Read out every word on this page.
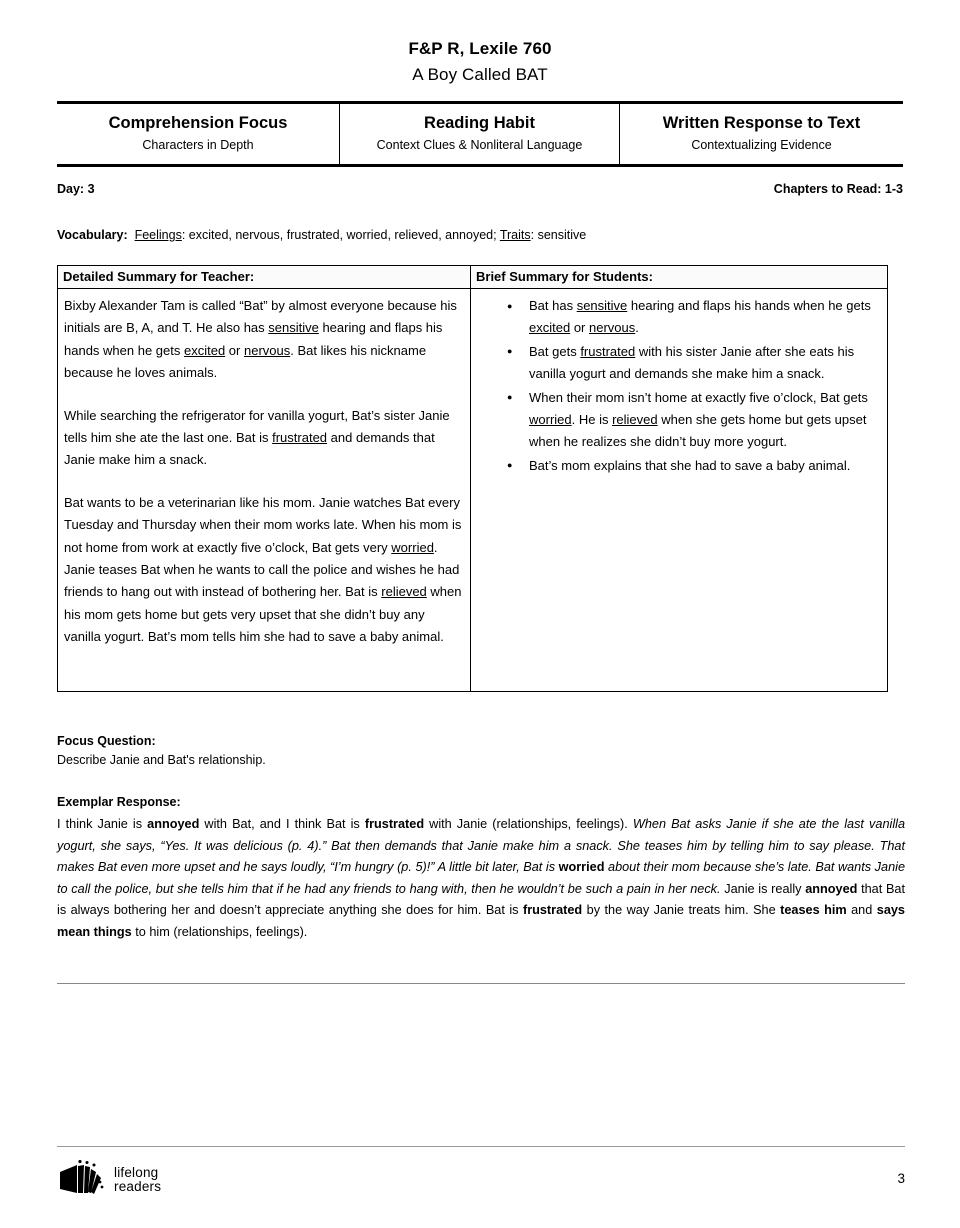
F&P R, Lexile 760
A Boy Called BAT
Comprehension Focus
Characters in Depth
Reading Habit
Context Clues & Nonliteral Language
Written Response to Text
Contextualizing Evidence
Day: 3	Chapters to Read: 1-3
Vocabulary: Feelings: excited, nervous, frustrated, worried, relieved, annoyed; Traits: sensitive
Detailed Summary for Teacher:	Brief Summary for Students:

Bixby Alexander Tam is called “Bat” by almost everyone because his initials are B, A, and T. He also has sensitive hearing and flaps his hands when he gets excited or nervous. Bat likes his nickname because he loves animals.

While searching the refrigerator for vanilla yogurt, Bat’s sister Janie tells him she ate the last one. Bat is frustrated and demands that Janie make him a snack.

Bat wants to be a veterinarian like his mom. Janie watches Bat every Tuesday and Thursday when their mom works late. When his mom is not home from work at exactly five o’clock, Bat gets very worried. Janie teases Bat when he wants to call the police and wishes he had friends to hang out with instead of bothering her. Bat is relieved when his mom gets home but gets very upset that she didn’t buy any vanilla yogurt. Bat’s mom tells him she had to save a baby animal.

● Bat has sensitive hearing and flaps his hands when he gets excited or nervous.
● Bat gets frustrated with his sister Janie after she eats his vanilla yogurt and demands she make him a snack.
● When their mom isn’t home at exactly five o’clock, Bat gets worried. He is relieved when she gets home but gets upset when he realizes she didn’t buy more yogurt.
● Bat’s mom explains that she had to save a baby animal.
Focus Question:
Describe Janie and Bat's relationship.
Exemplar Response:
I think Janie is annoyed with Bat, and I think Bat is frustrated with Janie (relationships, feelings). When Bat asks Janie if she ate the last vanilla yogurt, she says, “Yes. It was delicious (p. 4).” Bat then demands that Janie make him a snack. She teases him by telling him to say please. That makes Bat even more upset and he says loudly, “I’m hungry (p. 5)!” A little bit later, Bat is worried about their mom because she’s late. Bat wants Janie to call the police, but she tells him that if he had any friends to hang with, then he wouldn’t be such a pain in her neck. Janie is really annoyed that Bat is always bothering her and doesn’t appreciate anything she does for him. Bat is frustrated by the way Janie treats him. She teases him and says mean things to him (relationships, feelings).
lifelong
readers
3
